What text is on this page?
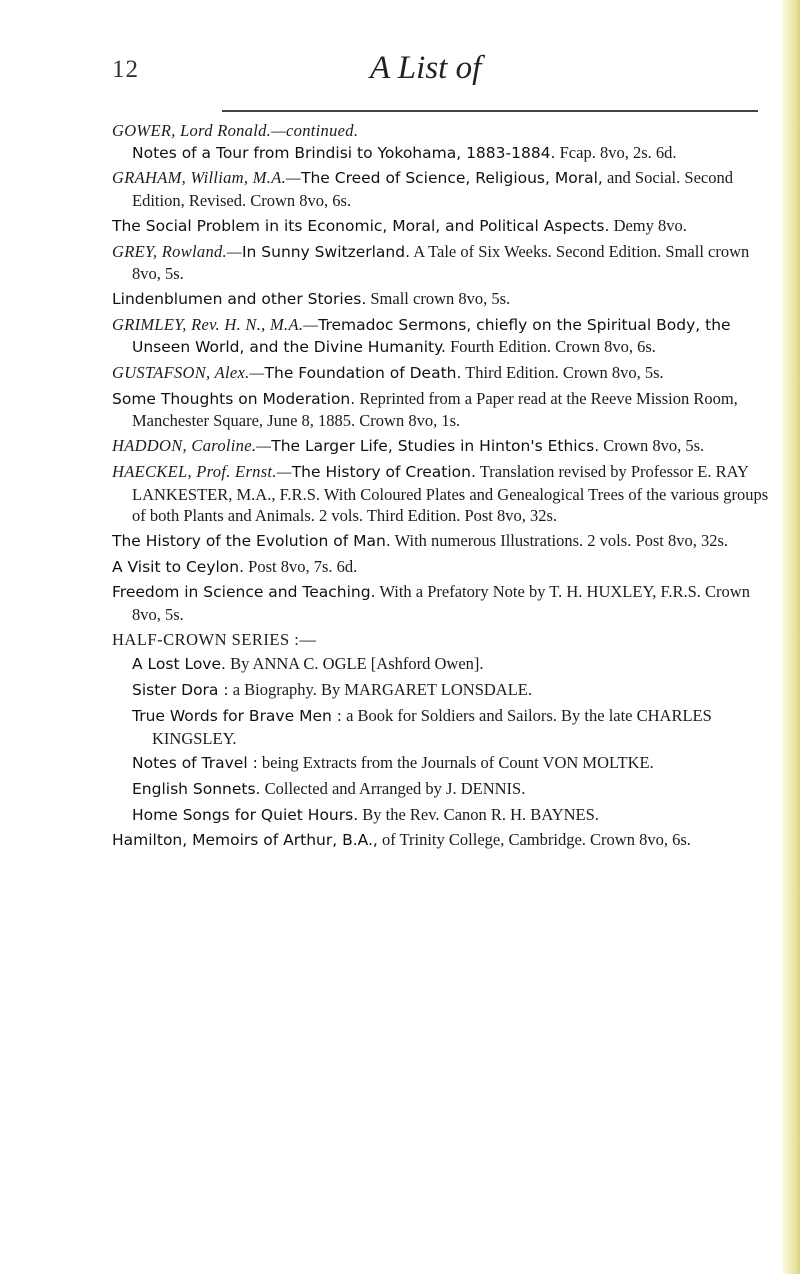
12	A List of

GOWER, Lord Ronald.—continued.
Notes of a Tour from Brindisi to Yokohama, 1883-1884. Fcap. 8vo, 2s. 6d.

GRAHAM, William, M.A.—The Creed of Science, Religious, Moral, and Social. Second Edition, Revised. Crown 8vo, 6s.

The Social Problem in its Economic, Moral, and Political Aspects. Demy 8vo.

GREY, Rowland.—In Sunny Switzerland. A Tale of Six Weeks. Second Edition. Small crown 8vo, 5s.

Lindenblumen and other Stories. Small crown 8vo, 5s.

GRIMLEY, Rev. H. N., M.A.—Tremadoc Sermons, chiefly on the Spiritual Body, the Unseen World, and the Divine Humanity. Fourth Edition. Crown 8vo, 6s.

GUSTAFSON, Alex.—The Foundation of Death. Third Edition. Crown 8vo, 5s.

Some Thoughts on Moderation. Reprinted from a Paper read at the Reeve Mission Room, Manchester Square, June 8, 1885. Crown 8vo, 1s.

HADDON, Caroline.—The Larger Life, Studies in Hinton's Ethics. Crown 8vo, 5s.

HAECKEL, Prof. Ernst.—The History of Creation. Translation revised by Professor E. RAY LANKESTER, M.A., F.R.S. With Coloured Plates and Genealogical Trees of the various groups of both Plants and Animals. 2 vols. Third Edition. Post 8vo, 32s.

The History of the Evolution of Man. With numerous Illustrations. 2 vols. Post 8vo, 32s.

A Visit to Ceylon. Post 8vo, 7s. 6d.

Freedom in Science and Teaching. With a Prefatory Note by T. H. HUXLEY, F.R.S. Crown 8vo, 5s.

HALF-CROWN SERIES :—

A Lost Love. By ANNA C. OGLE [Ashford Owen].

Sister Dora : a Biography. By MARGARET LONSDALE.

True Words for Brave Men : a Book for Soldiers and Sailors. By the late CHARLES KINGSLEY.

Notes of Travel : being Extracts from the Journals of Count VON MOLTKE.

English Sonnets. Collected and Arranged by J. DENNIS.

Home Songs for Quiet Hours. By the Rev. Canon R. H. BAYNES.

Hamilton, Memoirs of Arthur, B.A., of Trinity College, Cambridge. Crown 8vo, 6s.
